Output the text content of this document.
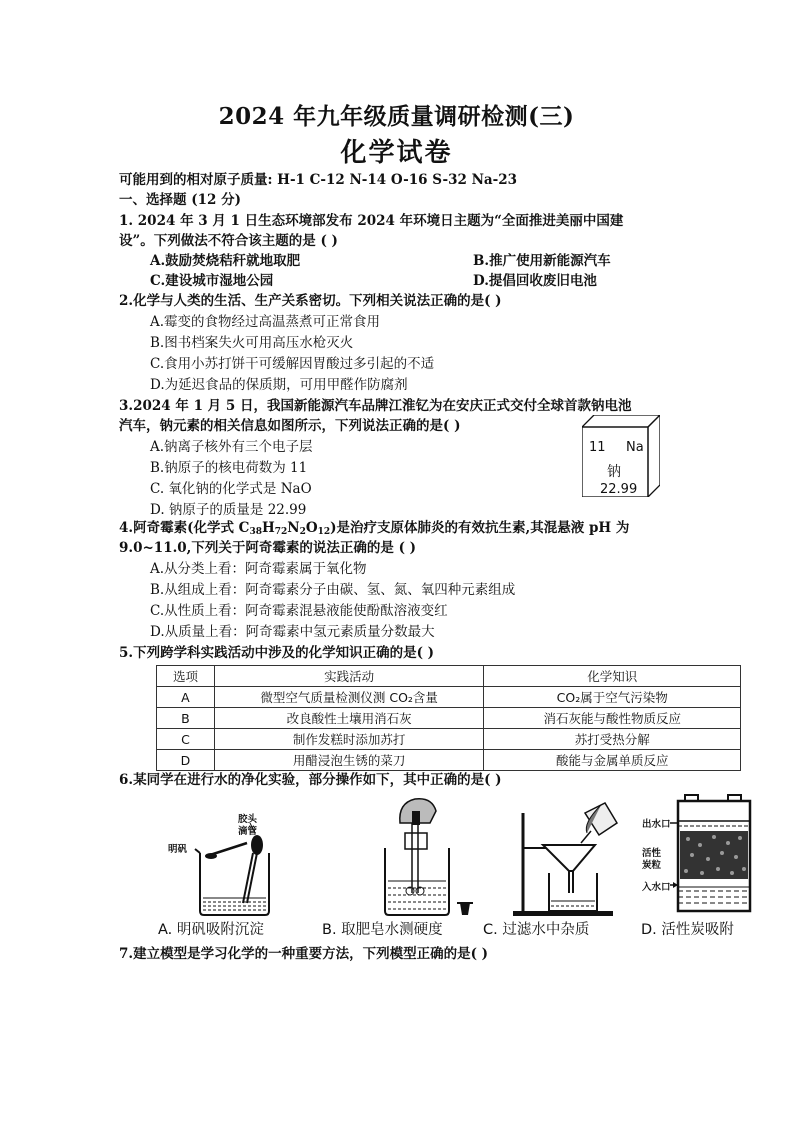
2024 年九年级质量调研检测(三)
化学试卷
可能用到的相对原子质量: H-1 C-12 N-14 O-16 S-32 Na-23
一、选择题 (12 分)
1. 2024 年 3 月 1 日生态环境部发布 2024 年环境日主题为“全面推进美丽中国建
设”。下列做法不符合该主题的是 ( )
A.鼓励焚烧秸秆就地取肥	B.推广使用新能源汽车
C.建设城市湿地公园	D.提倡回收废旧电池
2.化学与人类的生活、生产关系密切。下列相关说法正确的是( )
A.霉变的食物经过高温蒸煮可正常食用
B.图书档案失火可用高压水枪灭火
C.食用小苏打饼干可缓解因胃酸过多引起的不适
D.为延迟食品的保质期，可用甲醛作防腐剂
3.2024 年 1 月 5 日，我国新能源汽车品牌江淮钇为在安庆正式交付全球首款钠电池
汽车，钠元素的相关信息如图所示，下列说法正确的是( )
A.钠离子核外有三个电子层
B.钠原子的核电荷数为 11
C. 氧化钠的化学式是 NaO
D. 钠原子的质量是 22.99
11 Na
钠
22.99
4.阿奇霉素(化学式 $C_{38}H_{72}N_2O_{12}$)是治疗支原体肺炎的有效抗生素,其混悬液 pH 为
9.0~11.0,下列关于阿奇霉素的说法正确的是 ( )
A.从分类上看：阿奇霉素属于氧化物
B.从组成上看：阿奇霉素分子由碳、氢、氮、氧四种元素组成
C.从性质上看：阿奇霉素混悬液能使酚酞溶液变红
D.从质量上看：阿奇霉素中氢元素质量分数最大
5.下列跨学科实践活动中涉及的化学知识正确的是( )
选项	实践活动	化学知识
A	微型空气质量检测仪测 CO₂含量	CO₂属于空气污染物
B	改良酸性土壤用消石灰	消石灰能与酸性物质反应
C	制作发糕时添加苏打	苏打受热分解
D	用醋浸泡生锈的菜刀	酸能与金属单质反应
6.某同学在进行水的净化实验，部分操作如下，其中正确的是( )
明矾
胶头
滴管
出水口
活性
炭粒
入水口
A. 明矾吸附沉淀	B. 取肥皂水测硬度	C. 过滤水中杂质	D. 活性炭吸附
7.建立模型是学习化学的一种重要方法，下列模型正确的是( )
